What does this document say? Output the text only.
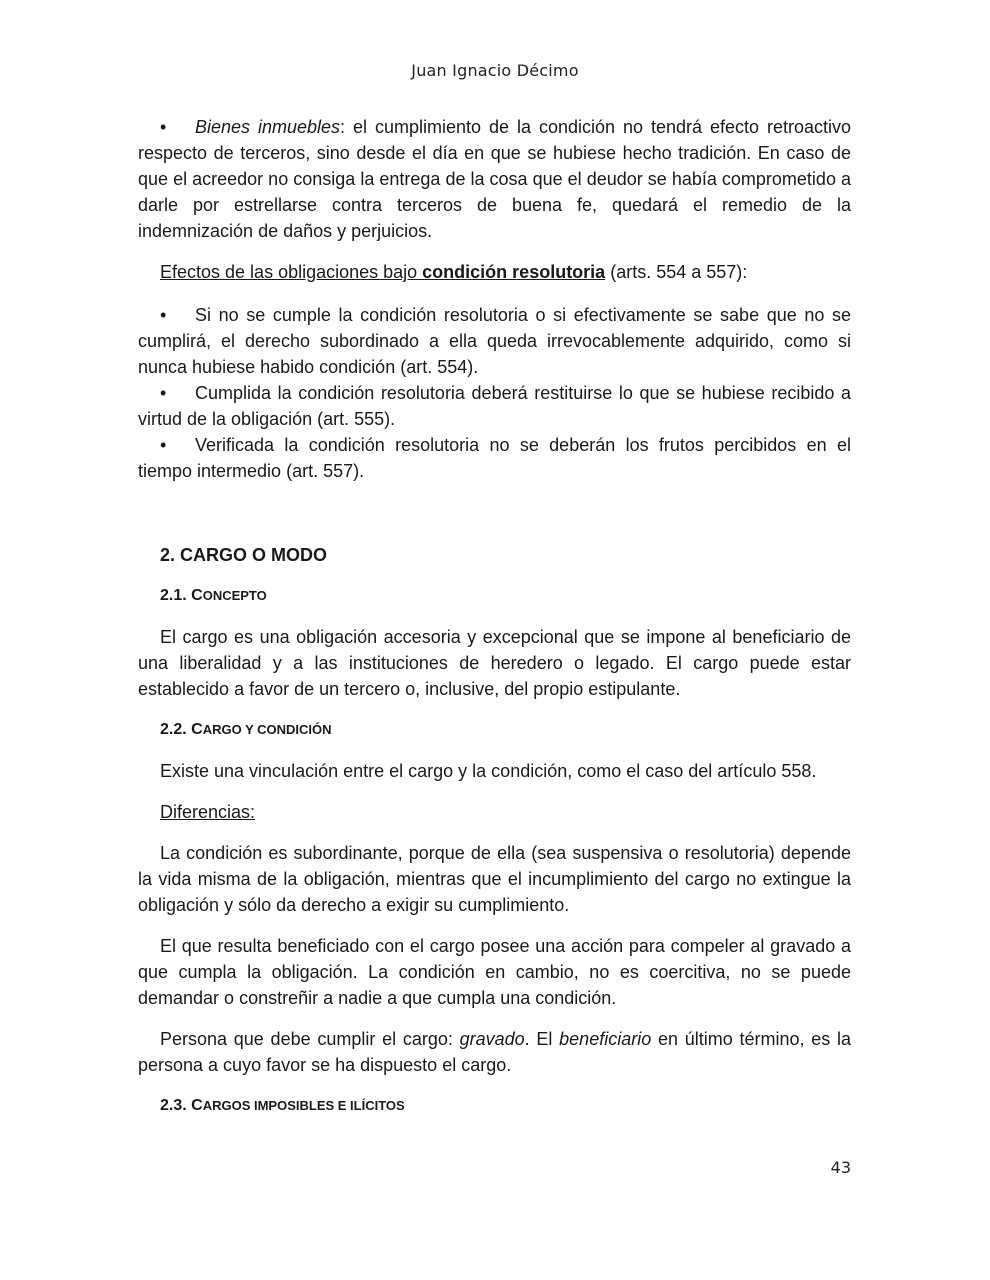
Juan Ignacio Décimo

• Bienes inmuebles: el cumplimiento de la condición no tendrá efecto retroactivo respecto de terceros, sino desde el día en que se hubiese hecho tradición. En caso de que el acreedor no consiga la entrega de la cosa que el deudor se había comprometido a darle por estrellarse contra terceros de buena fe, quedará el remedio de la indemnización de daños y perjuicios.

Efectos de las obligaciones bajo condición resolutoria (arts. 554 a 557):

• Si no se cumple la condición resolutoria o si efectivamente se sabe que no se cumplirá, el derecho subordinado a ella queda irrevocablemente adquirido, como si nunca hubiese habido condición (art. 554).

• Cumplida la condición resolutoria deberá restituirse lo que se hubiese recibido a virtud de la obligación (art. 555).

• Verificada la condición resolutoria no se deberán los frutos percibidos en el tiempo intermedio (art. 557).

2. CARGO O MODO

2.1. CONCEPTO

El cargo es una obligación accesoria y excepcional que se impone al beneficiario de una liberalidad y a las instituciones de heredero o legado. El cargo puede estar establecido a favor de un tercero o, inclusive, del propio estipulante.

2.2. CARGO Y CONDICIÓN

Existe una vinculación entre el cargo y la condición, como el caso del artículo 558.

Diferencias:

La condición es subordinante, porque de ella (sea suspensiva o resolutoria) depende la vida misma de la obligación, mientras que el incumplimiento del cargo no extingue la obligación y sólo da derecho a exigir su cumplimiento.

El que resulta beneficiado con el cargo posee una acción para compeler al gravado a que cumpla la obligación. La condición en cambio, no es coercitiva, no se puede demandar o constreñir a nadie a que cumpla una condición.

Persona que debe cumplir el cargo: gravado. El beneficiario en último término, es la persona a cuyo favor se ha dispuesto el cargo.

2.3. CARGOS IMPOSIBLES E ILÍCITOS

43
